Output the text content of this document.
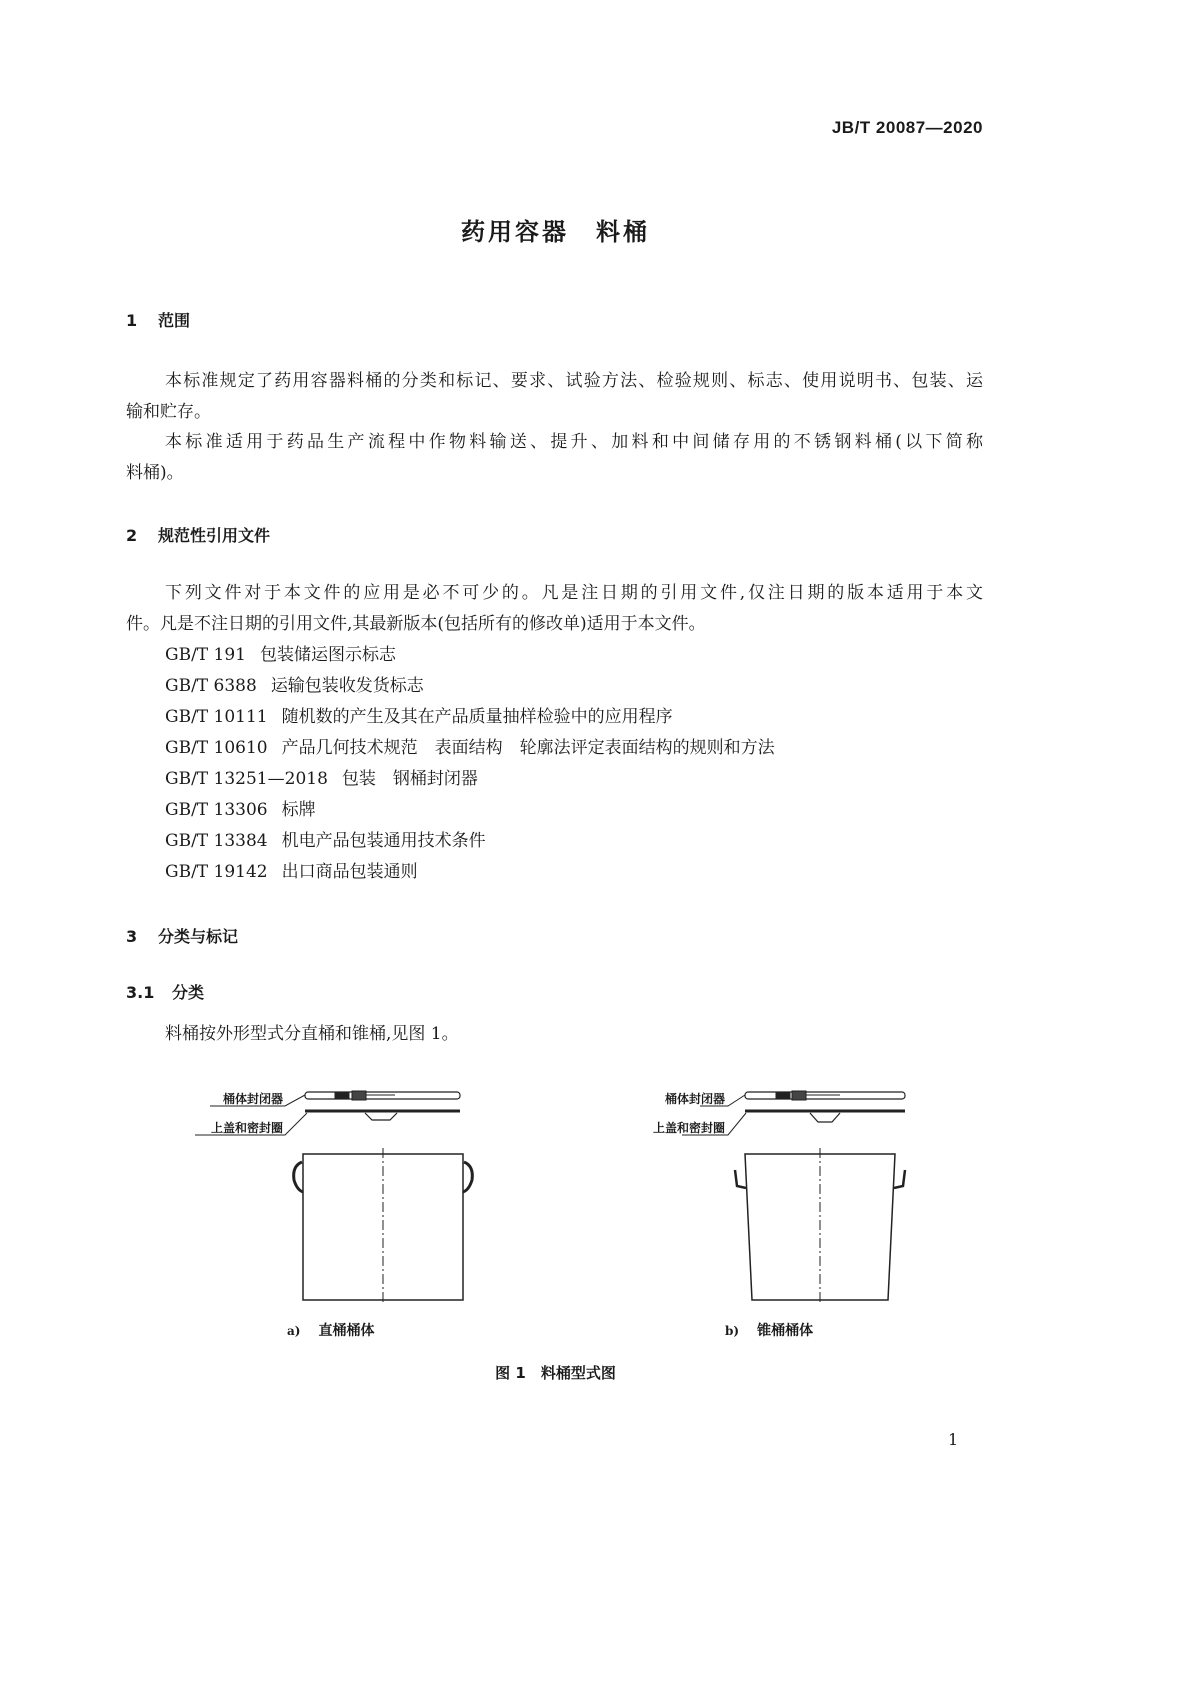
JB/T 20087—2020
药用容器　料桶
1 范围
本标准规定了药用容器料桶的分类和标记、要求、试验方法、检验规则、标志、使用说明书、包装、运
输和贮存。
本标准适用于药品生产流程中作物料输送、提升、加料和中间储存用的不锈钢料桶(以下简称
料桶)。
2 规范性引用文件
下列文件对于本文件的应用是必不可少的。凡是注日期的引用文件,仅注日期的版本适用于本文
件。凡是不注日期的引用文件,其最新版本(包括所有的修改单)适用于本文件。
GB/T 191 包装储运图示标志
GB/T 6388 运输包装收发货标志
GB/T 10111 随机数的产生及其在产品质量抽样检验中的应用程序
GB/T 10610 产品几何技术规范　表面结构　轮廓法评定表面结构的规则和方法
GB/T 13251—2018 包装　钢桶封闭器
GB/T 13306 标牌
GB/T 13384 机电产品包装通用技术条件
GB/T 19142 出口商品包装通则
3 分类与标记
3.1 分类
料桶按外形型式分直桶和锥桶,见图 1。
桶体封闭器
上盖和密封圈
桶体封闭器
上盖和密封圈
a) 直桶桶体	b) 锥桶桶体
图 1　料桶型式图
1
